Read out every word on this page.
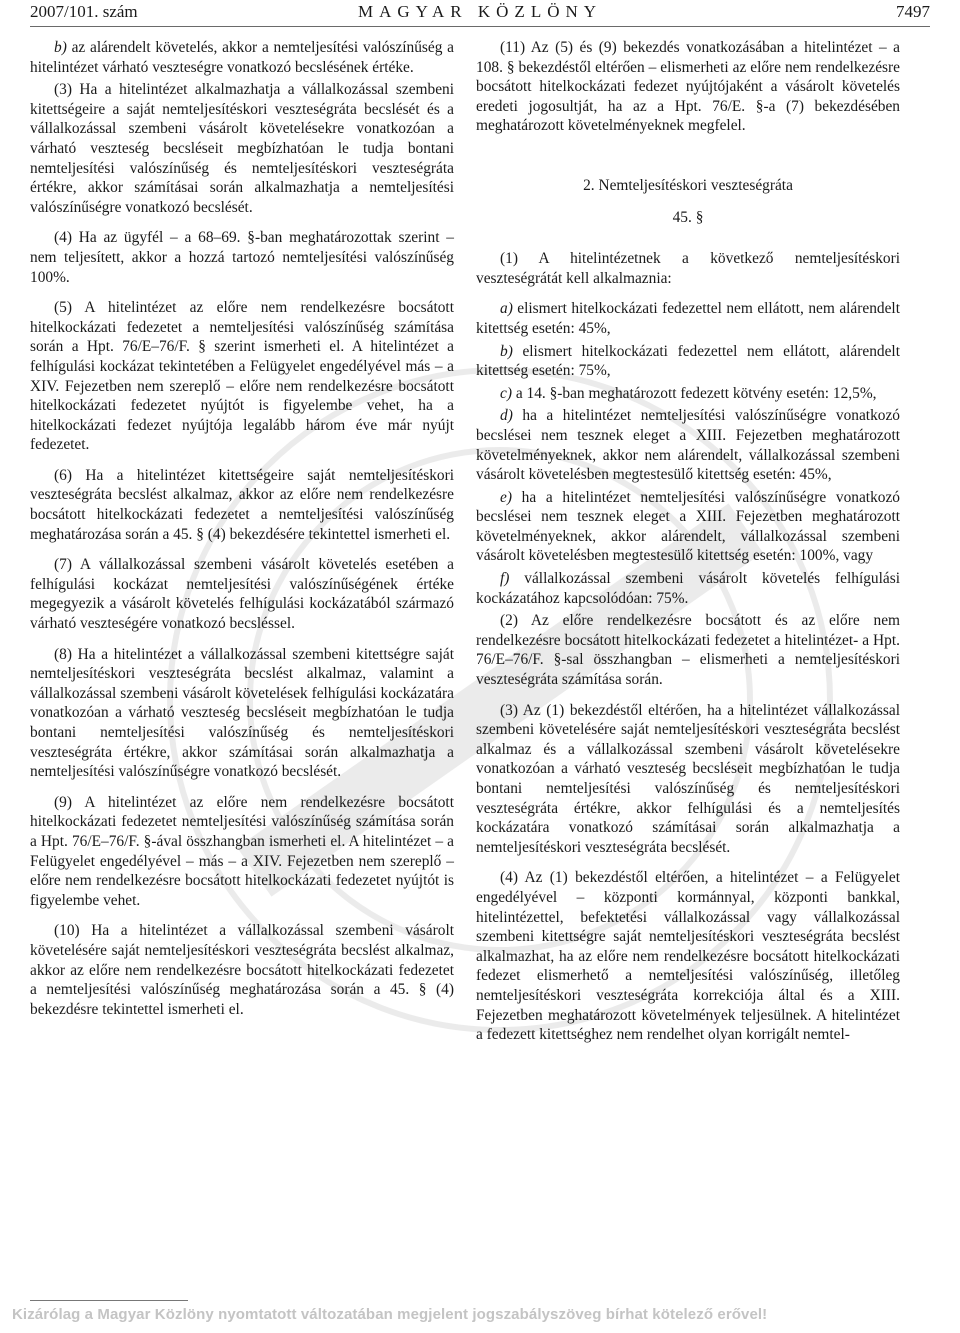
2007/101. szám	MAGYAR KÖZLÖNY	7497

b) az alárendelt követelés, akkor a nemteljesítési valószínűség a hitelintézet várható veszteségre vonatkozó becslésének értéke.

(3) Ha a hitelintézet alkalmazhatja a vállalkozással szembeni kitettségeire a saját nemteljesítéskori veszteségráta becslését és a vállalkozással szembeni vásárolt követelésekre vonatkozóan a várható veszteség becsléseit megbízhatóan le tudja bontani nemteljesítési valószínűség és nemteljesítéskori veszteségráta értékre, akkor számításai során alkalmazhatja a nemteljesítési valószínűségre vonatkozó becslését.

(4) Ha az ügyfél – a 68–69. §-ban meghatározottak szerint – nem teljesített, akkor a hozzá tartozó nemteljesítési valószínűség 100%.

(5) A hitelintézet az előre nem rendelkezésre bocsátott hitelkockázati fedezetet a nemteljesítési valószínűség számítása során a Hpt. 76/E–76/F. § szerint ismerheti el. A hitelintézet a felhígulási kockázat tekintetében a Felügyelet engedélyével más – a XIV. Fejezetben nem szereplő – előre nem rendelkezésre bocsátott hitelkockázati fedezetet nyújtót is figyelembe vehet, ha a hitelkockázati fedezet nyújtója legalább három éve már nyújt fedezetet.

(6) Ha a hitelintézet kitettségeire saját nemteljesítéskori veszteségráta becslést alkalmaz, akkor az előre nem rendelkezésre bocsátott hitelkockázati fedezetet a nemteljesítési valószínűség meghatározása során a 45. § (4) bekezdésére tekintettel ismerheti el.

(7) A vállalkozással szembeni vásárolt követelés esetében a felhígulási kockázat nemteljesítési valószínűségének értéke megegyezik a vásárolt követelés felhígulási kockázatából származó várható veszteségére vonatkozó becsléssel.

(8) Ha a hitelintézet a vállalkozással szembeni kitettségre saját nemteljesítéskori veszteségráta becslést alkalmaz, valamint a vállalkozással szembeni vásárolt követelések felhígulási kockázatára vonatkozóan a várható veszteség becsléseit megbízhatóan le tudja bontani nemteljesítési valószínűség és nemteljesítéskori veszteségráta értékre, akkor számításai során alkalmazhatja a nemteljesítési valószínűségre vonatkozó becslését.

(9) A hitelintézet az előre nem rendelkezésre bocsátott hitelkockázati fedezetet nemteljesítési valószínűség számítása során a Hpt. 76/E–76/F. §-ával összhangban ismerheti el. A hitelintézet – a Felügyelet engedélyével – más – a XIV. Fejezetben nem szereplő – előre nem rendelkezésre bocsátott hitelkockázati fedezetet nyújtót is figyelembe vehet.

(10) Ha a hitelintézet a vállalkozással szembeni vásárolt követelésére saját nemteljesítéskori veszteségráta becslést alkalmaz, akkor az előre nem rendelkezésre bocsátott hitelkockázati fedezetet a nemteljesítési valószínűség meghatározása során a 45. § (4) bekezdésre tekintettel ismerheti el.

(11) Az (5) és (9) bekezdés vonatkozásában a hitelintézet – a 108. § bekezdéstől eltérően – elismerheti az előre nem rendelkezésre bocsátott hitelkockázati fedezet nyújtójaként a vásárolt követelés eredeti jogosultját, ha az a Hpt. 76/E. §-a (7) bekezdésében meghatározott követelményeknek megfelel.

2. Nemteljesítéskori veszteségráta

45. §

(1) A hitelintézetnek a következő nemteljesítéskori veszteségrátát kell alkalmaznia:

a) elismert hitelkockázati fedezettel nem ellátott, nem alárendelt kitettség esetén: 45%,

b) elismert hitelkockázati fedezettel nem ellátott, alárendelt kitettség esetén: 75%,

c) a 14. §-ban meghatározott fedezett kötvény esetén: 12,5%,

d) ha a hitelintézet nemteljesítési valószínűségre vonatkozó becslései nem tesznek eleget a XIII. Fejezetben meghatározott követelményeknek, akkor nem alárendelt, vállalkozással szembeni vásárolt követelésben megtestesülő kitettség esetén: 45%,

e) ha a hitelintézet nemteljesítési valószínűségre vonatkozó becslései nem tesznek eleget a XIII. Fejezetben meghatározott követelményeknek, akkor alárendelt, vállalkozással szembeni vásárolt követelésben megtestesülő kitettség esetén: 100%, vagy

f) vállalkozással szembeni vásárolt követelés felhígulási kockázatához kapcsolódóan: 75%.

(2) Az előre rendelkezésre bocsátott és az előre nem rendelkezésre bocsátott hitelkockázati fedezetet a hitelintézet- a Hpt. 76/E–76/F. §-sal összhangban – elismerheti a nemteljesítéskori veszteségráta számítása során.

(3) Az (1) bekezdéstől eltérően, ha a hitelintézet vállalkozással szembeni követelésére saját nemteljesítéskori veszteségráta becslést alkalmaz és a vállalkozással szembeni vásárolt követelésekre vonatkozóan a várható veszteség becsléseit megbízhatóan le tudja bontani nemteljesítési valószínűség és nemteljesítéskori veszteségráta értékre, akkor felhígulási és a nemteljesítés kockázatára vonatkozó számításai során alkalmazhatja a nemteljesítéskori veszteségráta becslését.

(4) Az (1) bekezdéstől eltérően, a hitelintézet – a Felügyelet engedélyével – központi kormánnyal, központi bankkal, hitelintézettel, befektetési vállalkozással vagy vállalkozással szembeni kitettségre saját nemteljesítéskori veszteségráta becslést alkalmazhat, ha az előre nem rendelkezésre bocsátott hitelkockázati fedezet elismerhető a nemteljesítési valószínűség, illetőleg nemteljesítéskori veszteségráta korrekciója által és a XIII. Fejezetben meghatározott követelmények teljesülnek. A hitelintézet a fedezett kitettséghez nem rendelhet olyan korrigált nemtel-

Kizárólag a Magyar Közlöny nyomtatott változatában megjelent jogszabályszöveg bírhat kötelező erővel!
